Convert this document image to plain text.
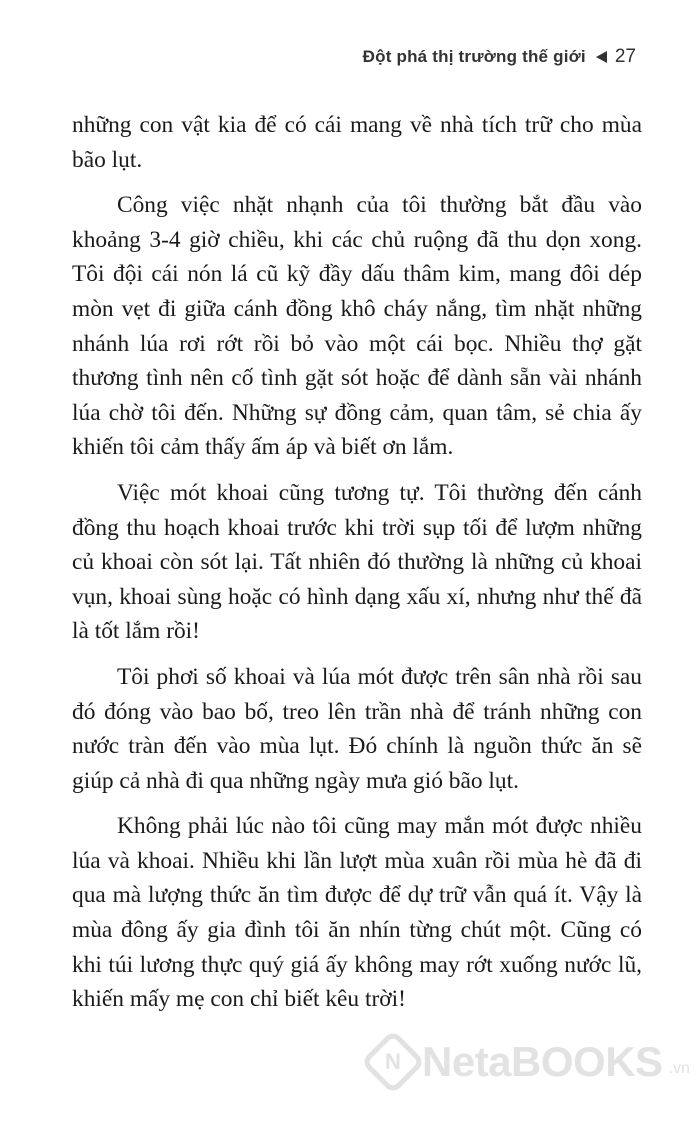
Đột phá thị trường thế giới 27

những con vật kia để có cái mang về nhà tích trữ cho mùa bão lụt.

Công việc nhặt nhạnh của tôi thường bắt đầu vào khoảng 3-4 giờ chiều, khi các chủ ruộng đã thu dọn xong. Tôi đội cái nón lá cũ kỹ đầy dấu thâm kim, mang đôi dép mòn vẹt đi giữa cánh đồng khô cháy nắng, tìm nhặt những nhánh lúa rơi rớt rồi bỏ vào một cái bọc. Nhiều thợ gặt thương tình nên cố tình gặt sót hoặc để dành sẵn vài nhánh lúa chờ tôi đến. Những sự đồng cảm, quan tâm, sẻ chia ấy khiến tôi cảm thấy ấm áp và biết ơn lắm.

Việc mót khoai cũng tương tự. Tôi thường đến cánh đồng thu hoạch khoai trước khi trời sụp tối để lượm những củ khoai còn sót lại. Tất nhiên đó thường là những củ khoai vụn, khoai sùng hoặc có hình dạng xấu xí, nhưng như thế đã là tốt lắm rồi!

Tôi phơi số khoai và lúa mót được trên sân nhà rồi sau đó đóng vào bao bố, treo lên trần nhà để tránh những con nước tràn đến vào mùa lụt. Đó chính là nguồn thức ăn sẽ giúp cả nhà đi qua những ngày mưa gió bão lụt.

Không phải lúc nào tôi cũng may mắn mót được nhiều lúa và khoai. Nhiều khi lần lượt mùa xuân rồi mùa hè đã đi qua mà lượng thức ăn tìm được để dự trữ vẫn quá ít. Vậy là mùa đông ấy gia đình tôi ăn nhín từng chút một. Cũng có khi túi lương thực quý giá ấy không may rớt xuống nước lũ, khiến mấy mẹ con chỉ biết kêu trời!

N NetaBOOKS .vn
